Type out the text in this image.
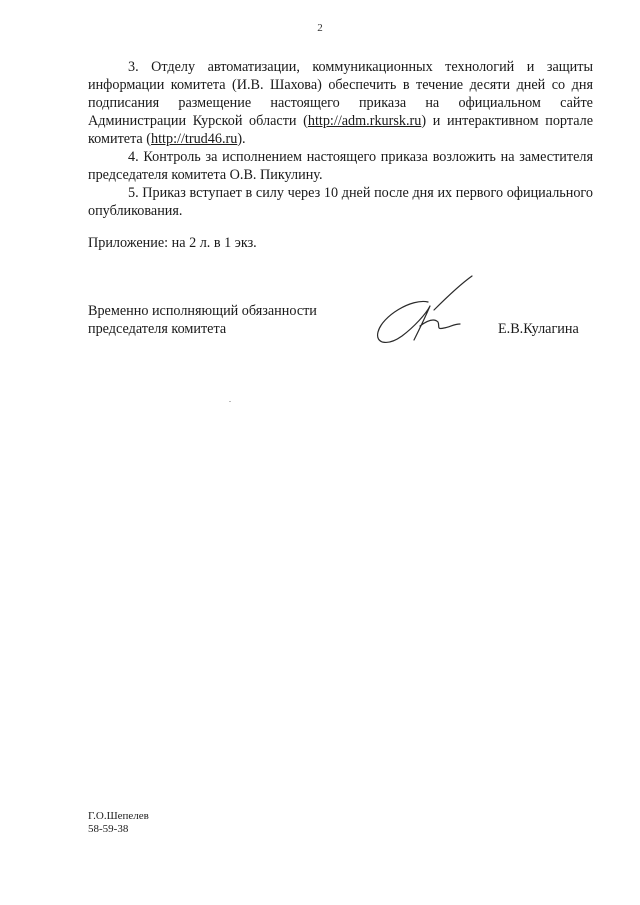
2

3. Отделу автоматизации, коммуникационных технологий и защиты информации комитета (И.В. Шахова) обеспечить в течение десяти дней со дня подписания размещение настоящего приказа на официальном сайте Администрации Курской области (http://adm.rkursk.ru) и интерактивном портале комитета (http://trud46.ru).

4. Контроль за исполнением настоящего приказа возложить на заместителя председателя комитета О.В. Пикулину.

5. Приказ вступает в силу через 10 дней после дня их первого официального опубликования.

Приложение: на 2 л. в 1 экз.
Временно исполняющий обязанности
председателя комитета	Е.В.Кулагина
Г.О.Шепелев
58-59-38
